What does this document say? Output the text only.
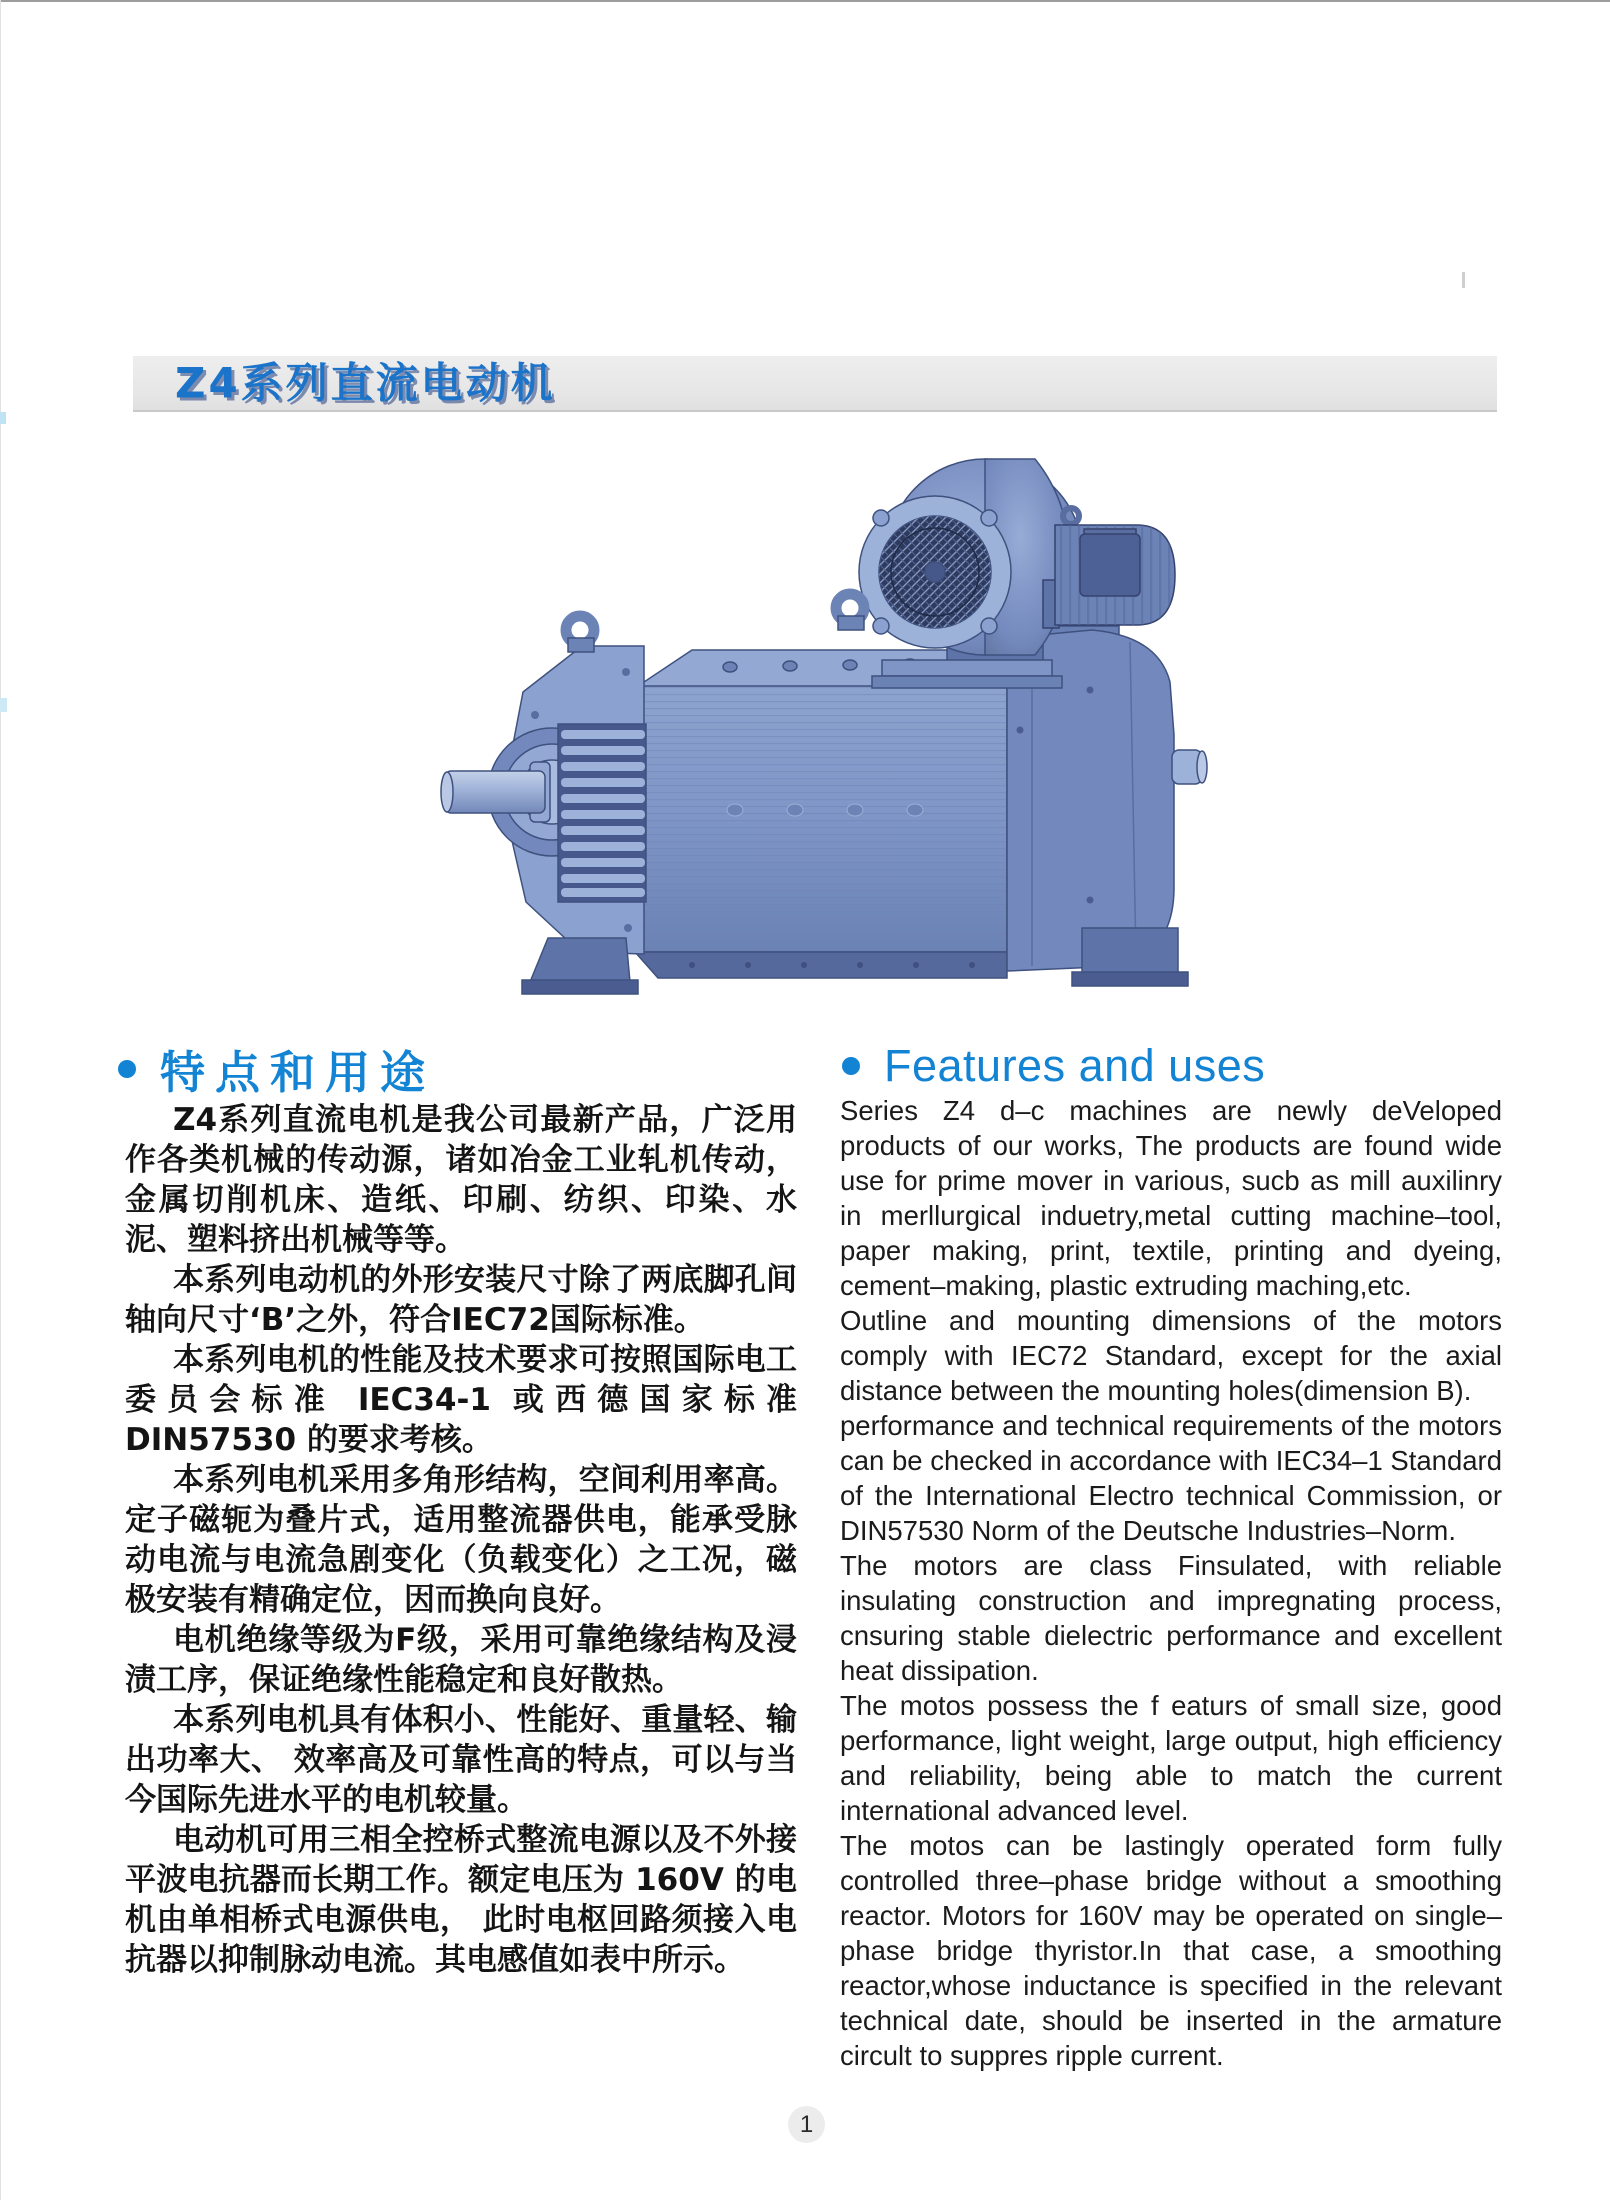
Z4系列直流电动机
特点和用途

Z4系列直流电机是我公司最新产品，广泛用作各类机械的传动源，诸如冶金工业轧机传动，金属切削机床、造纸、印刷、纺织、印染、水泥、塑料挤出机械等等。

本系列电动机的外形安装尺寸除了两底脚孔间轴向尺寸‘B’之外，符合IEC72国际标准。

本系列电机的性能及技术要求可按照国际电工委员会标准 IEC34-1 或西德国家标准 DIN57530 的要求考核。

本系列电机采用多角形结构，空间利用率高。定子磁轭为叠片式，适用整流器供电，能承受脉动电流与电流急剧变化（负载变化）之工况，磁极安装有精确定位，因而换向良好。

电机绝缘等级为F级，采用可靠绝缘结构及浸渍工序，保证绝缘性能稳定和良好散热。

本系列电机具有体积小、性能好、重量轻、输出功率大、 效率高及可靠性高的特点，可以与当今国际先进水平的电机较量。

电动机可用三相全控桥式整流电源以及不外接平波电抗器而长期工作。额定电压为 160V 的电机由单相桥式电源供电， 此时电枢回路须接入电抗器以抑制脉动电流。其电感值如表中所示。

Features and uses

Series Z4 d–c machines are newly deVeloped products of our works, The products are found wide use for prime mover in various, sucb as mill auxilinry in merllurgical induetry,metal cutting machine–tool, paper making, print, textile, printing and dyeing, cement–making, plastic extruding maching,etc.

Outline and mounting dimensions of the motors comply with IEC72 Standard, except for the axial distance between the mounting holes(dimension B).

performance and technical requirements of the motors can be checked in accordance with IEC34–1 Standard of the International Electro technical Commission, or DIN57530 Norm of the Deutsche Industries–Norm.

The motors are class Finsulated, with reliable insulating construction and impregnating process, cnsuring stable dielectric performance and excellent heat dissipation.

The motos possess the f eaturs of small size, good performance, light weight, large output, high efficiency and reliability, being able to match the current international advanced level.

The motos can be lastingly operated form fully controlled three–phase bridge without a smoothing reactor. Motors for 160V may be operated on single–phase bridge thyristor.In that case, a smoothing reactor,whose inductance is specified in the relevant technical date, should be inserted in the armature circult to suppres ripple current.

1
